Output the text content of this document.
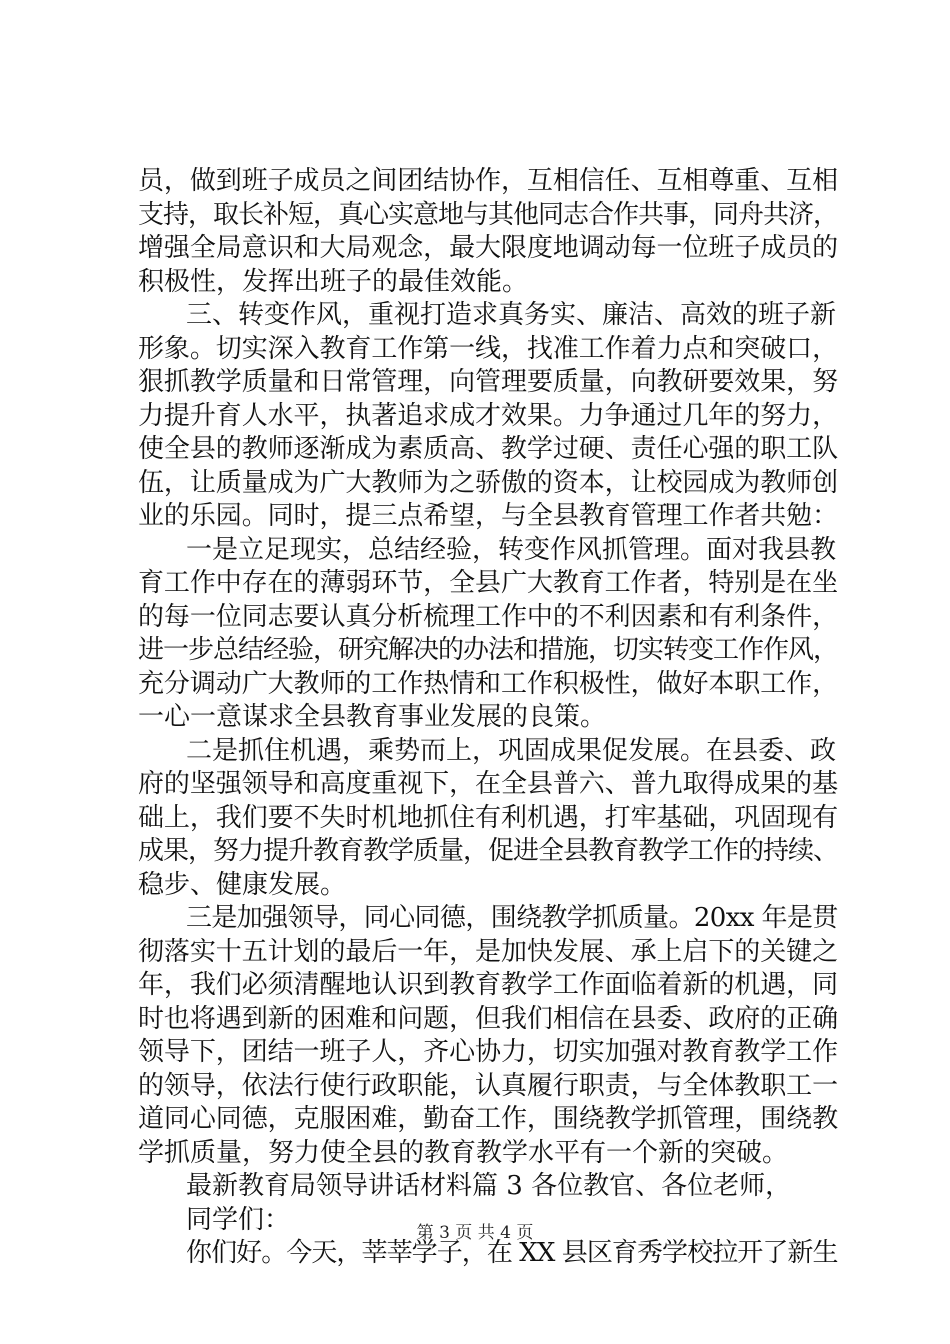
员，做到班子成员之间团结协作，互相信任、互相尊重、互相
支持，取长补短，真心实意地与其他同志合作共事，同舟共济，
增强全局意识和大局观念，最大限度地调动每一位班子成员的
积极性，发挥出班子的最佳效能。
三、转变作风，重视打造求真务实、廉洁、高效的班子新
形象。切实深入教育工作第一线，找准工作着力点和突破口，
狠抓教学质量和日常管理，向管理要质量，向教研要效果，努
力提升育人水平，执著追求成才效果。力争通过几年的努力，
使全县的教师逐渐成为素质高、教学过硬、责任心强的职工队
伍，让质量成为广大教师为之骄傲的资本，让校园成为教师创
业的乐园。同时，提三点希望，与全县教育管理工作者共勉：
一是立足现实，总结经验，转变作风抓管理。面对我县教
育工作中存在的薄弱环节，全县广大教育工作者，特别是在坐
的每一位同志要认真分析梳理工作中的不利因素和有利条件，
进一步总结经验，研究解决的办法和措施，切实转变工作作风，
充分调动广大教师的工作热情和工作积极性，做好本职工作，
一心一意谋求全县教育事业发展的良策。
二是抓住机遇，乘势而上，巩固成果促发展。在县委、政
府的坚强领导和高度重视下，在全县普六、普九取得成果的基
础上，我们要不失时机地抓住有利机遇，打牢基础，巩固现有
成果，努力提升教育教学质量，促进全县教育教学工作的持续、
稳步、健康发展。
三是加强领导，同心同德，围绕教学抓质量。20xx 年是贯
彻落实十五计划的最后一年，是加快发展、承上启下的关键之
年，我们必须清醒地认识到教育教学工作面临着新的机遇，同
时也将遇到新的困难和问题，但我们相信在县委、政府的正确
领导下，团结一班子人，齐心协力，切实加强对教育教学工作
的领导，依法行使行政职能，认真履行职责，与全体教职工一
道同心同德，克服困难，勤奋工作，围绕教学抓管理，围绕教
学抓质量，努力使全县的教育教学水平有一个新的突破。
最新教育局领导讲话材料篇 3 各位教官、各位老师，
同学们：
你们好。今天，莘莘学子，在 XX 县区育秀学校拉开了新生
第 3 页 共 4 页
